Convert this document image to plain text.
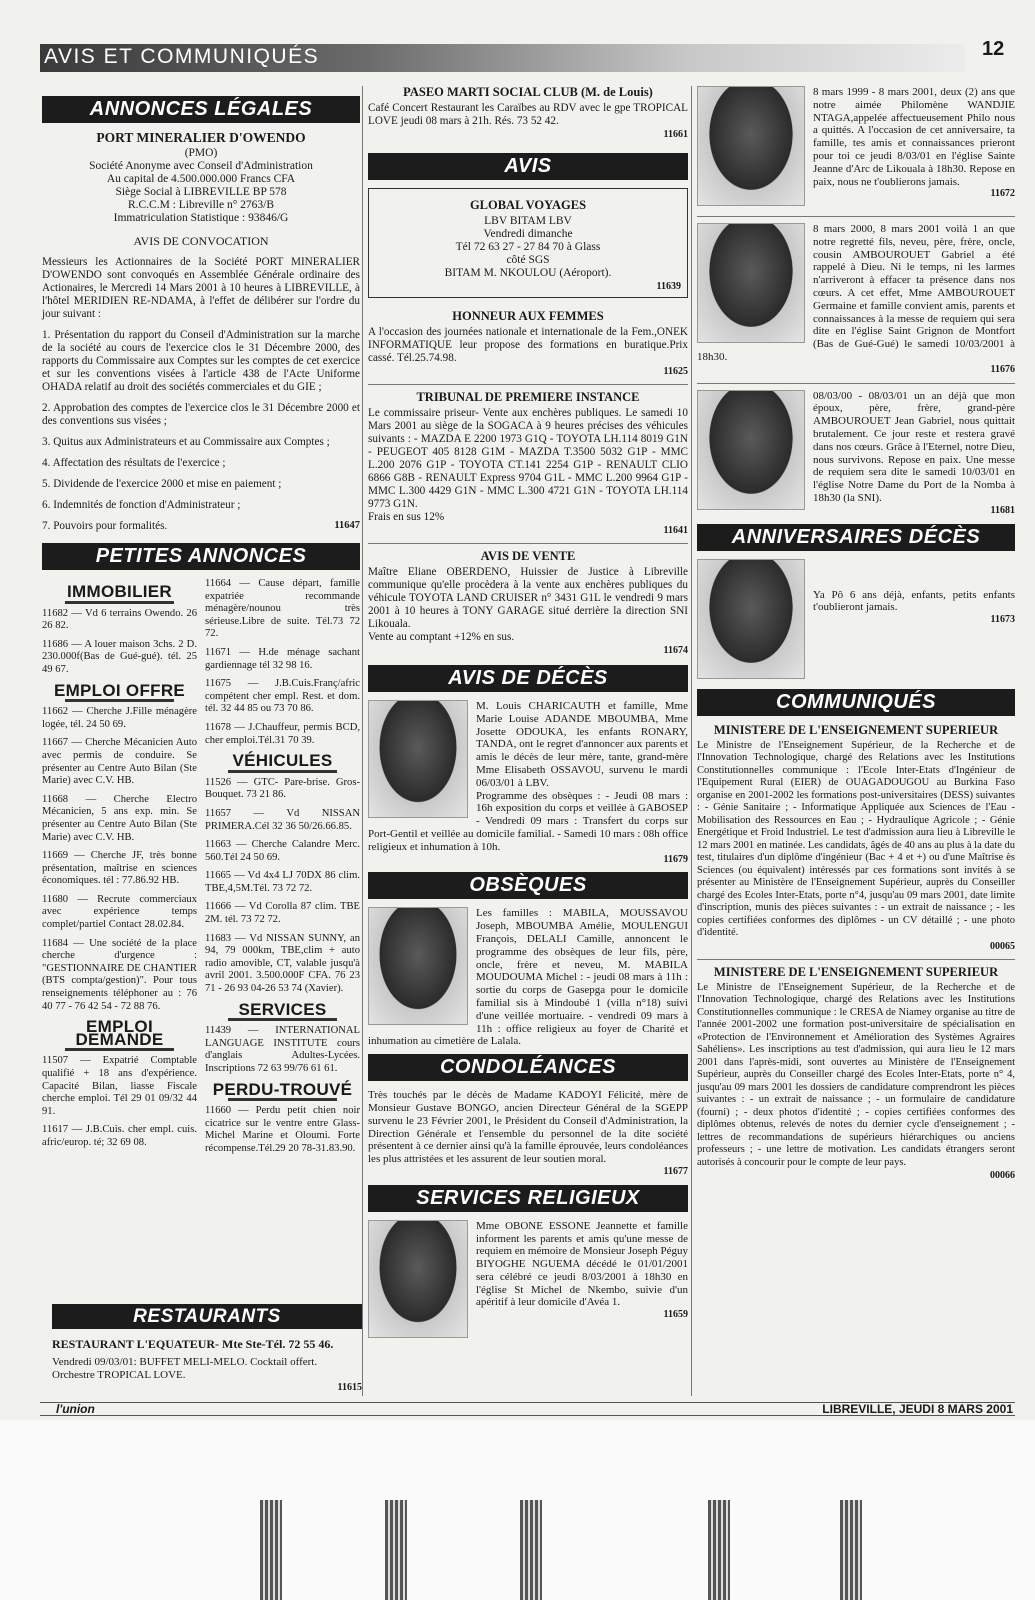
AVIS ET COMMUNIQUÉS	12
ANNONCES LÉGALES
PORT MINERALIER D'OWENDO
(PMO)
Société Anonyme avec Conseil d'Administration
Au capital de 4.500.000.000 Francs CFA
Siège Social à LIBREVILLE BP 578
R.C.C.M : Libreville n° 2763/B
Immatriculation Statistique : 93846/G
AVIS DE CONVOCATION

Messieurs les Actionnaires de la Société PORT MINERALIER D'OWENDO sont convoqués en Assemblée Générale ordinaire des Actionaires, le Mercredi 14 Mars 2001 à 10 heures à LIBREVILLE, à l'hôtel MERIDIEN RE-NDAMA, à l'effet de délibérer sur l'ordre du jour suivant :

1. Présentation du rapport du Conseil d'Administration sur la marche de la société au cours de l'exercice clos le 31 Décembre 2000, des rapports du Commissaire aux Comptes sur les comptes de cet exercice et sur les conventions visées à l'article 438 de l'Acte Uniforme OHADA relatif au droit des sociétés commerciales et du GIE ;

2. Approbation des comptes de l'exercice clos le 31 Décembre 2000 et des conventions sus visées ;

3. Quitus aux Administrateurs et au Commissaire aux Comptes ;

4. Affectation des résultats de l'exercice ;

5. Dividende de l'exercice 2000 et mise en paiement ;

6. Indemnités de fonction d'Administrateur ;

7. Pouvoirs pour formalités.	11647

PETITES ANNONCES
IMMOBILIER
11682 — Vd 6 terrains Owendo. 26 26 82.
11686 — A louer maison 3chs. 2 D. 230.000f(Bas de Gué-gué). tél. 25 49 67.
EMPLOI OFFRE
11662 — Cherche J.Fille ménagère logée, tél. 24 50 69.
11667 — Cherche Mécanicien Auto avec permis de conduire. Se présenter au Centre Auto Bilan (Ste Marie) avec C.V. HB.
11668 — Cherche Electro Mécanicien, 5 ans exp. min. Se présenter au Centre Auto Bilan (Ste Marie) avec C.V. HB.
11669 — Cherche JF, très bonne présentation, maîtrise en sciences économiques. tél : 77.86.92 HB.
11680 — Recrute commerciaux avec expérience temps complet/partiel Contact 28.02.84.
11684 — Une société de la place cherche d'urgence : "GESTIONNAIRE DE CHANTIER (BTS compta/gestion)". Pour tous renseignements téléphoner au : 76 40 77 - 76 42 54 - 72 88 76.
EMPLOI DEMANDE
11507 — Expatrié Comptable qualifié + 18 ans d'expérience. Capacité Bilan, liasse Fiscale cherche emploi. Tél 29 01 09/32 44 91.
11617 — J.B.Cuis. cher empl. cuis. afric/europ. té; 32 69 08.
11664 — Cause départ, famille expatriée recommande ménagère/nounou très sérieuse.Libre de suite. Tél.73 72 72.
11671 — H.de ménage sachant gardiennage tél 32 98 16.
11675 — J.B.Cuis.Franç/afric compétent cher empl. Rest. et dom. tél. 32 44 85 ou 73 70 86.
11678 — J.Chauffeur, permis BCD, cher emploi.Tél.31 70 39.
VÉHICULES
11526 — GTC- Pare-brise. Gros-Bouquet. 73 21 86.
11657 — Vd NISSAN PRIMERA.Cél 32 36 50/26.66.85.
11663 — Cherche Calandre Merc. 560.Tél 24 50 69.
11665 — Vd 4x4 LJ 70DX 86 clim. TBE,4,5M.Tél. 73 72 72.
11666 — Vd Corolla 87 clim. TBE 2M. tél. 73 72 72.
11683 — Vd NISSAN SUNNY, an 94, 79 000km, TBE,clim + auto radio amovible, CT, valable jusqu'à avril 2001. 3.500.000F CFA. 76 23 71 - 26 93 04-26 53 74 (Xavier).
SERVICES
11439 — INTERNATIONAL LANGUAGE INSTITUTE cours d'anglais Adultes-Lycées. Inscriptions 72 63 99/76 61 61.
PERDU-TROUVÉ
11660 — Perdu petit chien noir cicatrice sur le ventre entre Glass-Michel Marine et Oloumi. Forte récompense.Tél.29 20 78-31.83.90.
RESTAURANTS
RESTAURANT L'EQUATEUR- Mte Ste-Tél. 72 55 46.
Vendredi 09/03/01: BUFFET MELI-MELO. Cocktail offert. Orchestre TROPICAL LOVE.
11615
PASEO MARTI SOCIAL CLUB (M. de Louis)
Café Concert Restaurant les Caraïbes au RDV avec le gpe TROPICAL LOVE jeudi 08 mars à 21h. Rés. 73 52 42.
11661
AVIS
GLOBAL VOYAGES
LBV BITAM LBV
Vendredi dimanche
Tél 72 63 27 - 27 84 70 à Glass
côté SGS
BITAM M. NKOULOU (Aéroport).
11639
HONNEUR AUX FEMMES
A l'occasion des journées nationale et internationale de la Fem.,ONEK INFORMATIQUE leur propose des formations en buratique.Prix cassé. Tél.25.74.98.
11625
TRIBUNAL DE PREMIERE INSTANCE
Le commissaire priseur- Vente aux enchères publiques. Le samedi 10 Mars 2001 au siège de la SOGACA à 9 heures précises des véhicules suivants : - MAZDA E 2200 1973 G1Q - TOYOTA LH.114 8019 G1N - PEUGEOT 405 8128 G1M - MAZDA T.3500 5032 G1P - MMC L.200 2076 G1P - TOYOTA CT.141 2254 G1P - RENAULT CLIO 6866 G8B - RENAULT Express 9704 G1L - MMC L.200 9964 G1P - MMC L.300 4429 G1N - MMC L.300 4721 G1N - TOYOTA LH.114 9773 G1N.
Frais en sus 12%
11641
AVIS DE VENTE
Maître Eliane OBERDENO, Huissier de Justice à Libreville communique qu'elle procèdera à la vente aux enchères publiques du véhicule TOYOTA LAND CRUISER n° 3431 G1L le vendredi 9 mars 2001 à 10 heures à TONY GARAGE situé derrière la direction SNI Likouala.
Vente au comptant +12% en sus.
11674
AVIS DE DÉCÈS
M. Louis CHARICAUTH et famille, Mme Marie Louise ADANDE MBOUMBA, Mme Josette ODOUKA, les enfants RONARY, TANDA, ont le regret d'annoncer aux parents et amis le décès de leur mère, tante, grand-mère Mme Elisabeth OSSAVOU, survenu le mardi 06/03/01 à LBV.
Programme des obsèques : - Jeudi 08 mars : 16h exposition du corps et veillée à GABOSEP - Vendredi 09 mars : Transfert du corps sur Port-Gentil et veillée au domicile familial. - Samedi 10 mars : 08h office religieux et inhumation à 10h.
11679
OBSÈQUES
Les familles : MABILA, MOUSSAVOU Joseph, MBOUMBA Amélie, MOULENGUI François, DELALI Camille, annoncent le programme des obsèques de leur fils, père, oncle, frère et neveu, M. MABILA MOUDOUMA Michel : - jeudi 08 mars à 11h : sortie du corps de Gasepga pour le domicile familial sis à Mindoubé 1 (villa n°18) suivi d'une veillée mortuaire. - vendredi 09 mars à 11h : office religieux au foyer de Charité et inhumation au cimetière de Lalala.
CONDOLÉANCES
Très touchés par le décès de Madame KADOYI Félicité, mère de Monsieur Gustave BONGO, ancien Directeur Général de la SGEPP survenu le 23 Février 2001, le Président du Conseil d'Administration, la Direction Générale et l'ensemble du personnel de la dite société présentent à ce dernier ainsi qu'à la famille éprouvée, leurs condoléances les plus attristées et les assurent de leur soutien moral.
11677
SERVICES RELIGIEUX
Mme OBONE ESSONE Jeannette et famille informent les parents et amis qu'une messe de requiem en mémoire de Monsieur Joseph Péguy BIYOGHE NGUEMA décédé le 01/01/2001 sera célébré ce jeudi 8/03/2001 à 18h30 en l'église St Michel de Nkembo, suivie d'un apéritif à leur domicile d'Avéa 1.
11659
8 mars 1999 - 8 mars 2001, deux (2) ans que notre aimée Philomène WANDJIE NTAGA,appelée affectueusement Philo nous a quittés. A l'occasion de cet anniversaire, ta famille, tes amis et connaissances prieront pour toi ce jeudi 8/03/01 en l'église Sainte Jeanne d'Arc de Likouala à 18h30. Repose en paix, nous ne t'oublierons jamais.
11672
8 mars 2000, 8 mars 2001 voilà 1 an que notre regretté fils, neveu, père, frère, oncle, cousin AMBOUROUET Gabriel a été rappelé à Dieu. Ni le temps, ni les larmes n'arriveront à effacer ta présence dans nos cœurs. A cet effet, Mme AMBOUROUET Germaine et famille convient amis, parents et connaissances à la messe de requiem qui sera dite en l'église Saint Grignon de Montfort (Bas de Gué-Gué) le samedi 10/03/2001 à 18h30.
11676
08/03/00 - 08/03/01 un an déjà que mon époux, père, frère, grand-père AMBOUROUET Jean Gabriel, nous quittait brutalement. Ce jour reste et restera gravé dans nos cœurs. Grâce à l'Eternel, notre Dieu, nous survivons. Repose en paix. Une messe de requiem sera dite le samedi 10/03/01 en l'église Notre Dame du Port de la Nomba à 18h30 (la SNI).
11681
ANNIVERSAIRES DÉCÈS
Ya Pô 6 ans déjà, enfants, petits enfants t'oublieront jamais.
11673
COMMUNIQUÉS
MINISTERE DE L'ENSEIGNEMENT SUPERIEUR
Le Ministre de l'Enseignement Supérieur, de la Recherche et de l'Innovation Technologique, chargé des Relations avec les Institutions Constitutionnelles communique : l'Ecole Inter-Etats d'Ingénieur de l'Equipement Rural (EIER) de OUAGADOUGOU au Burkina Faso organise en 2001-2002 les formations post-universitaires (DESS) suivantes : - Génie Sanitaire ; - Informatique Appliquée aux Sciences de l'Eau - Mobilisation des Ressources en Eau ; - Hydraulique Agricole ; - Génie Energétique et Froid Industriel. Le test d'admission aura lieu à Libreville le 12 mars 2001 en matinée. Les candidats, âgés de 40 ans au plus à la date du test, titulaires d'un diplôme d'ingénieur (Bac + 4 et +) ou d'une Maîtrise ès Sciences (ou équivalent) intéressés par ces formations sont invités à se présenter au Ministère de l'Enseignement Supérieur, auprès du Conseiller chargé des Ecoles Inter-Etats, porte n°4, jusqu'au 09 mars 2001, date limite d'inscription, munis des pièces suivantes : - un extrait de naissance ; - les copies certifiées conformes des diplômes - un CV détaillé ; - une photo d'identité.
00065
MINISTERE DE L'ENSEIGNEMENT SUPERIEUR
Le Ministre de l'Enseignement Supérieur, de la Recherche et de l'Innovation Technologique, chargé des Relations avec les Institutions Constitutionnelles communique : le CRESA de Niamey organise au titre de l'année 2001-2002 une formation post-universitaire de spécialisation en «Protection de l'Environnement et Amélioration des Systèmes Agraires Sahéliens». Les inscriptions au test d'admission, qui aura lieu le 12 mars 2001 dans l'après-midi, sont ouvertes au Ministère de l'Enseignement Supérieur, auprès du Conseiller chargé des Ecoles Inter-Etats, porte n° 4, jusqu'au 09 mars 2001 les dossiers de candidature comprendront les pièces suivantes : - un extrait de naissance ; - un formulaire de candidature (fourni) ; - deux photos d'identité ; - copies certifiées conformes des diplômes obtenus, relevés de notes du dernier cycle d'enseignement ; - lettres de recommandations de supérieurs hiérarchiques ou anciens professeurs ; - une lettre de motivation. Les candidats étrangers seront autorisés à concourir pour le compte de leur pays.
00066
l'union	LIBREVILLE, JEUDI 8 MARS 2001
